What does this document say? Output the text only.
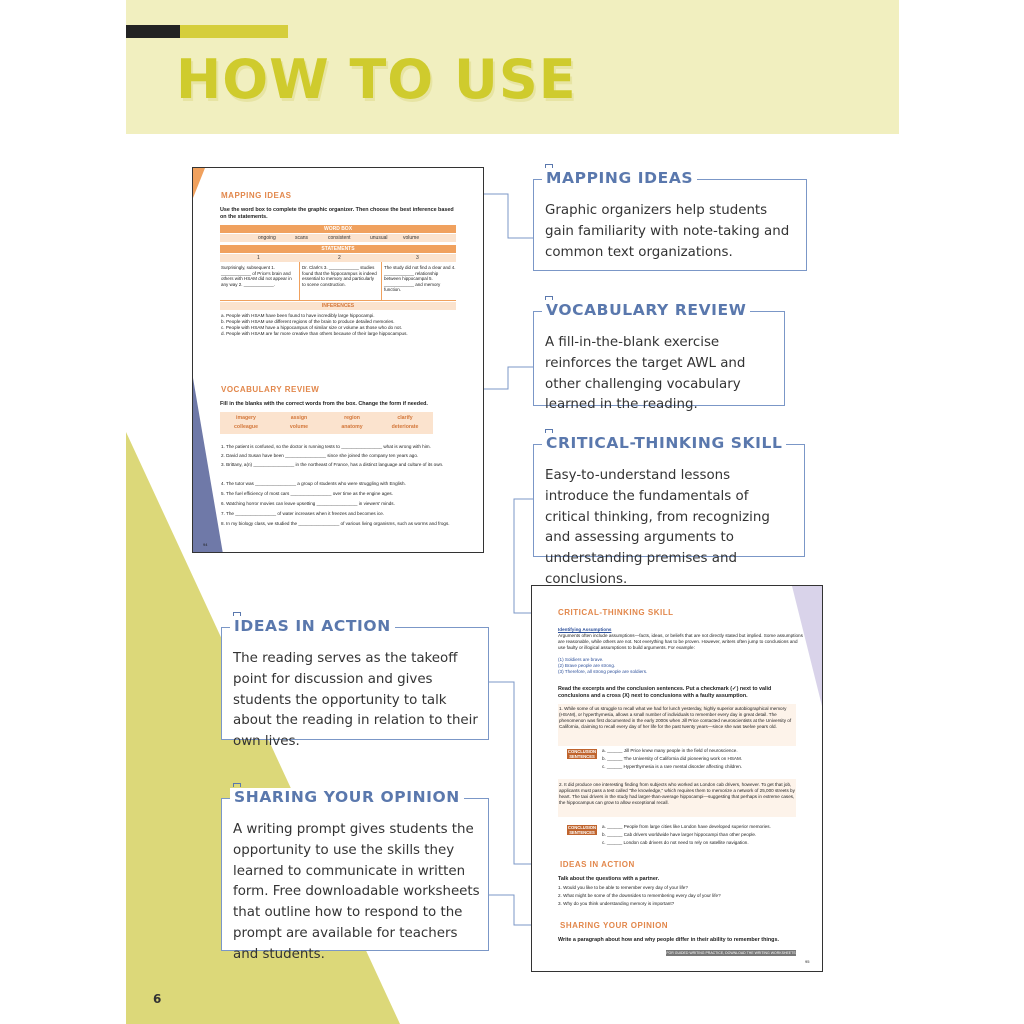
HOW TO USE
MAPPING IDEAS
Use the word box to complete the graphic organizer. Then choose the best inference based on the statements.
WORD BOX
ongoing	scans	consistent	unusual	volume
STATEMENTS
1	2	3
Surprisingly, subsequent 1. ____________ of Price's brain and others with HSAM did not appear in any way 2. ____________.
Dr. Clark's 3. ____________ studies found that the hippocampus is indeed essential to memory and particularly to scene construction.
The study did not find a clear and 4. ____________ relationship between hippocampal 5. ____________ and memory function.
INFERENCES
a. People with HSAM have been found to have incredibly large hippocampi.
b. People with HSAM use different regions of the brain to produce detailed memories.
c. People with HSAM have a hippocampus of similar size or volume as those who do not.
d. People with HSAM are far more creative than others because of their large hippocampus.
VOCABULARY REVIEW
Fill in the blanks with the correct words from the box. Change the form if needed.
imagery	assign	region	clarify
colleague	volume	anatomy	deteriorate
1. The patient is confused, so the doctor is running tests to ________________ what is wrong with him.
2. David and Susan have been ________________ since she joined the company ten years ago.
3. Brittany, a(n) ________________ in the northeast of France, has a distinct language and culture of its own.
4. The tutor was ________________ a group of students who were struggling with English.
5. The fuel efficiency of most cars ________________ over time as the engine ages.
6. Watching horror movies can leave upsetting ________________ in viewers' minds.
7. The ________________ of water increases when it freezes and becomes ice.
8. In my biology class, we studied the ________________ of various living organisms, such as worms and frogs.
94
CRITICAL-THINKING SKILL
Identifying Assumptions
Arguments often include assumptions—facts, ideas, or beliefs that are not directly stated but implied. Some assumptions are reasonable, while others are not. Not everything has to be proven. However, writers often jump to conclusions and use faulty or illogical assumptions to build arguments. For example:
(1) Soldiers are brave.
(2) Brave people are strong.
(3) Therefore, all strong people are soldiers.
Read the excerpts and the conclusion sentences. Put a checkmark (✓) next to valid conclusions and a cross (X) next to conclusions with a faulty assumption.
1. While some of us struggle to recall what we had for lunch yesterday, highly superior autobiographical memory (HSAM), or hyperthymesia, allows a small number of individuals to remember every day in great detail. The phenomenon was first documented in the early 2000s when Jill Price contacted neuroscientists at the University of California, claiming to recall every day of her life for the past twenty years—since she was twelve years old.
CONCLUSION SENTENCES
a. ______ Jill Price knew many people in the field of neuroscience.
b. ______ The University of California did pioneering work on HSAM.
c. ______ Hyperthymesia is a rare mental disorder affecting children.
2. It did produce one interesting finding from subjects who worked as London cab drivers, however. To get that job, applicants must pass a test called "the knowledge," which requires them to memorize a network of 25,000 streets by heart. The taxi drivers in the study had larger-than-average hippocampi—suggesting that perhaps in extreme cases, the hippocampus can grow to allow exceptional recall.
CONCLUSION SENTENCES
a. ______ People from large cities like London have developed superior memories.
b. ______ Cab drivers worldwide have larger hippocampi than other people.
c. ______ London cab drivers do not need to rely on satellite navigation.
IDEAS IN ACTION
Talk about the questions with a partner.
1. Would you like to be able to remember every day of your life?
2. What might be some of the downsides to remembering every day of your life?
3. Why do you think understanding memory is important?
SHARING YOUR OPINION
Write a paragraph about how and why people differ in their ability to remember things.
FOR GUIDED WRITING PRACTICE, DOWNLOAD THE WRITING WORKSHEETS
95
MAPPING IDEAS
Graphic organizers help students gain familiarity with note-taking and common text organizations.
VOCABULARY REVIEW
A fill-in-the-blank exercise reinforces the target AWL and other challenging vocabulary learned in the reading.
CRITICAL-THINKING SKILL
Easy-to-understand lessons introduce the fundamentals of critical thinking, from recognizing and assessing arguments to understanding premises and conclusions.
IDEAS IN ACTION
The reading serves as the takeoff point for discussion and gives students the opportunity to talk about the reading in relation to their own lives.
SHARING YOUR OPINION
A writing prompt gives students the opportunity to use the skills they learned to communicate in written form. Free downloadable worksheets that outline how to respond to the prompt are available for teachers and students.
6
